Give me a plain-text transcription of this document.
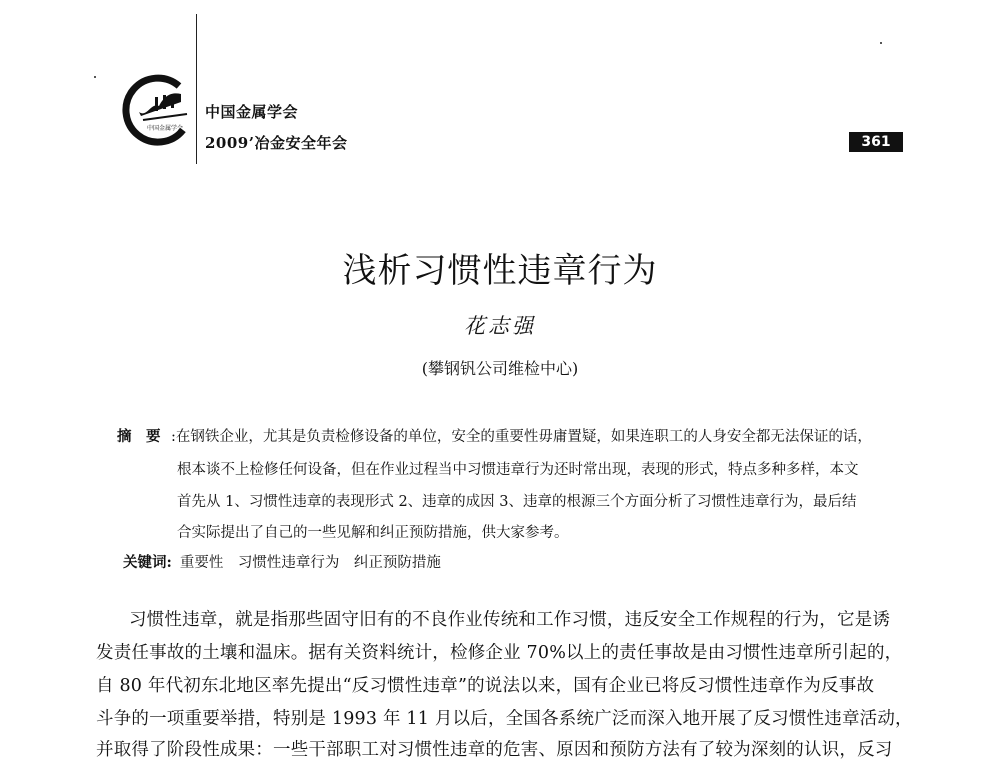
中国金属学会
中国金属学会
2009’冶金安全年会	361
浅析习惯性违章行为
花志强
(攀钢钒公司维检中心)
摘　要 :在钢铁企业，尤其是负责检修设备的单位，安全的重要性毋庸置疑，如果连职工的人身安全都无法保证的话，
根本谈不上检修任何设备，但在作业过程当中习惯违章行为还时常出现，表现的形式，特点多种多样，本文
首先从 1、习惯性违章的表现形式 2、违章的成因 3、违章的根源三个方面分析了习惯性违章行为，最后结
合实际提出了自己的一些见解和纠正预防措施，供大家参考。
关键词: 重要性　习惯性违章行为　纠正预防措施
习惯性违章，就是指那些固守旧有的不良作业传统和工作习惯，违反安全工作规程的行为，它是诱
发责任事故的土壤和温床。据有关资料统计，检修企业 70%以上的责任事故是由习惯性违章所引起的，
自 80 年代初东北地区率先提出“反习惯性违章”的说法以来，国有企业已将反习惯性违章作为反事故
斗争的一项重要举措，特别是 1993 年 11 月以后，全国各系统广泛而深入地开展了反习惯性违章活动，
并取得了阶段性成果：一些干部职工对习惯性违章的危害、原因和预防方法有了较为深刻的认识，反习
